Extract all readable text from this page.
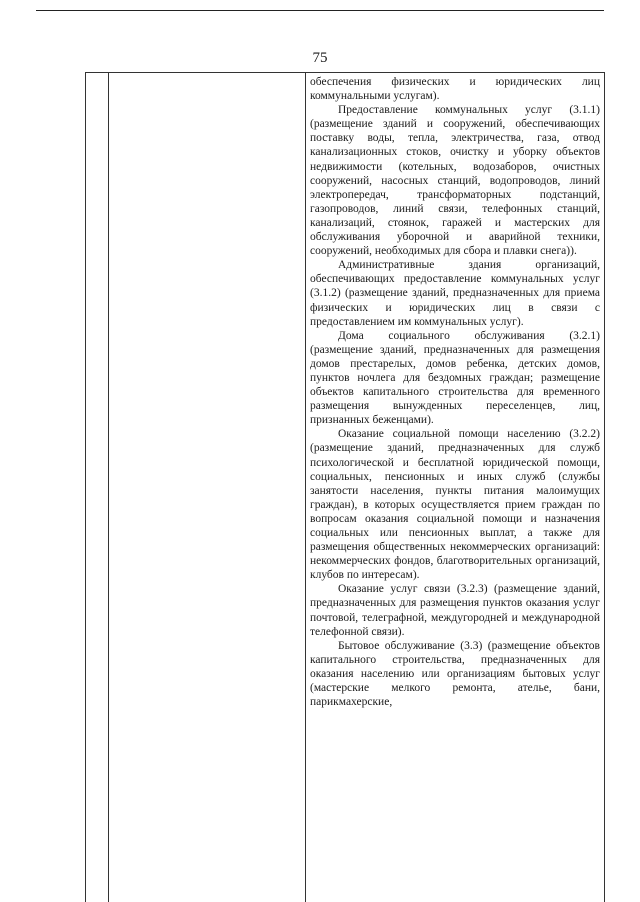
75

обеспечения физических и юридических лиц коммунальными услугам).

Предоставление коммунальных услуг (3.1.1) (размещение зданий и сооружений, обеспечивающих поставку воды, тепла, электричества, газа, отвод канализационных стоков, очистку и уборку объектов недвижимости (котельных, водозаборов, очистных сооружений, насосных станций, водопроводов, линий электропередач, трансформаторных подстанций, газопроводов, линий связи, телефонных станций, канализаций, стоянок, гаражей и мастерских для обслуживания уборочной и аварийной техники, сооружений, необходимых для сбора и плавки снега)).

Административные здания организаций, обеспечивающих предоставление коммунальных услуг (3.1.2) (размещение зданий, предназначенных для приема физических и юридических лиц в связи с предоставлением им коммунальных услуг).

Дома социального обслуживания (3.2.1) (размещение зданий, предназначенных для размещения домов престарелых, домов ребенка, детских домов, пунктов ночлега для бездомных граждан; размещение объектов капитального строительства для временного размещения вынужденных переселенцев, лиц, признанных беженцами).

Оказание социальной помощи населению (3.2.2) (размещение зданий, предназначенных для служб психологической и бесплатной юридической помощи, социальных, пенсионных и иных служб (службы занятости населения, пункты питания малоимущих граждан), в которых осуществляется прием граждан по вопросам оказания социальной помощи и назначения социальных или пенсионных выплат, а также для размещения общественных некоммерческих организаций: некоммерческих фондов, благотворительных организаций, клубов по интересам).

Оказание услуг связи (3.2.3) (размещение зданий, предназначенных для размещения пунктов оказания услуг почтовой, телеграфной, междугородней и международной телефонной связи).

Бытовое обслуживание (3.3) (размещение объектов капитального строительства, предназначенных для оказания населению или организациям бытовых услуг (мастерские мелкого ремонта, ателье, бани, парикмахерские,
